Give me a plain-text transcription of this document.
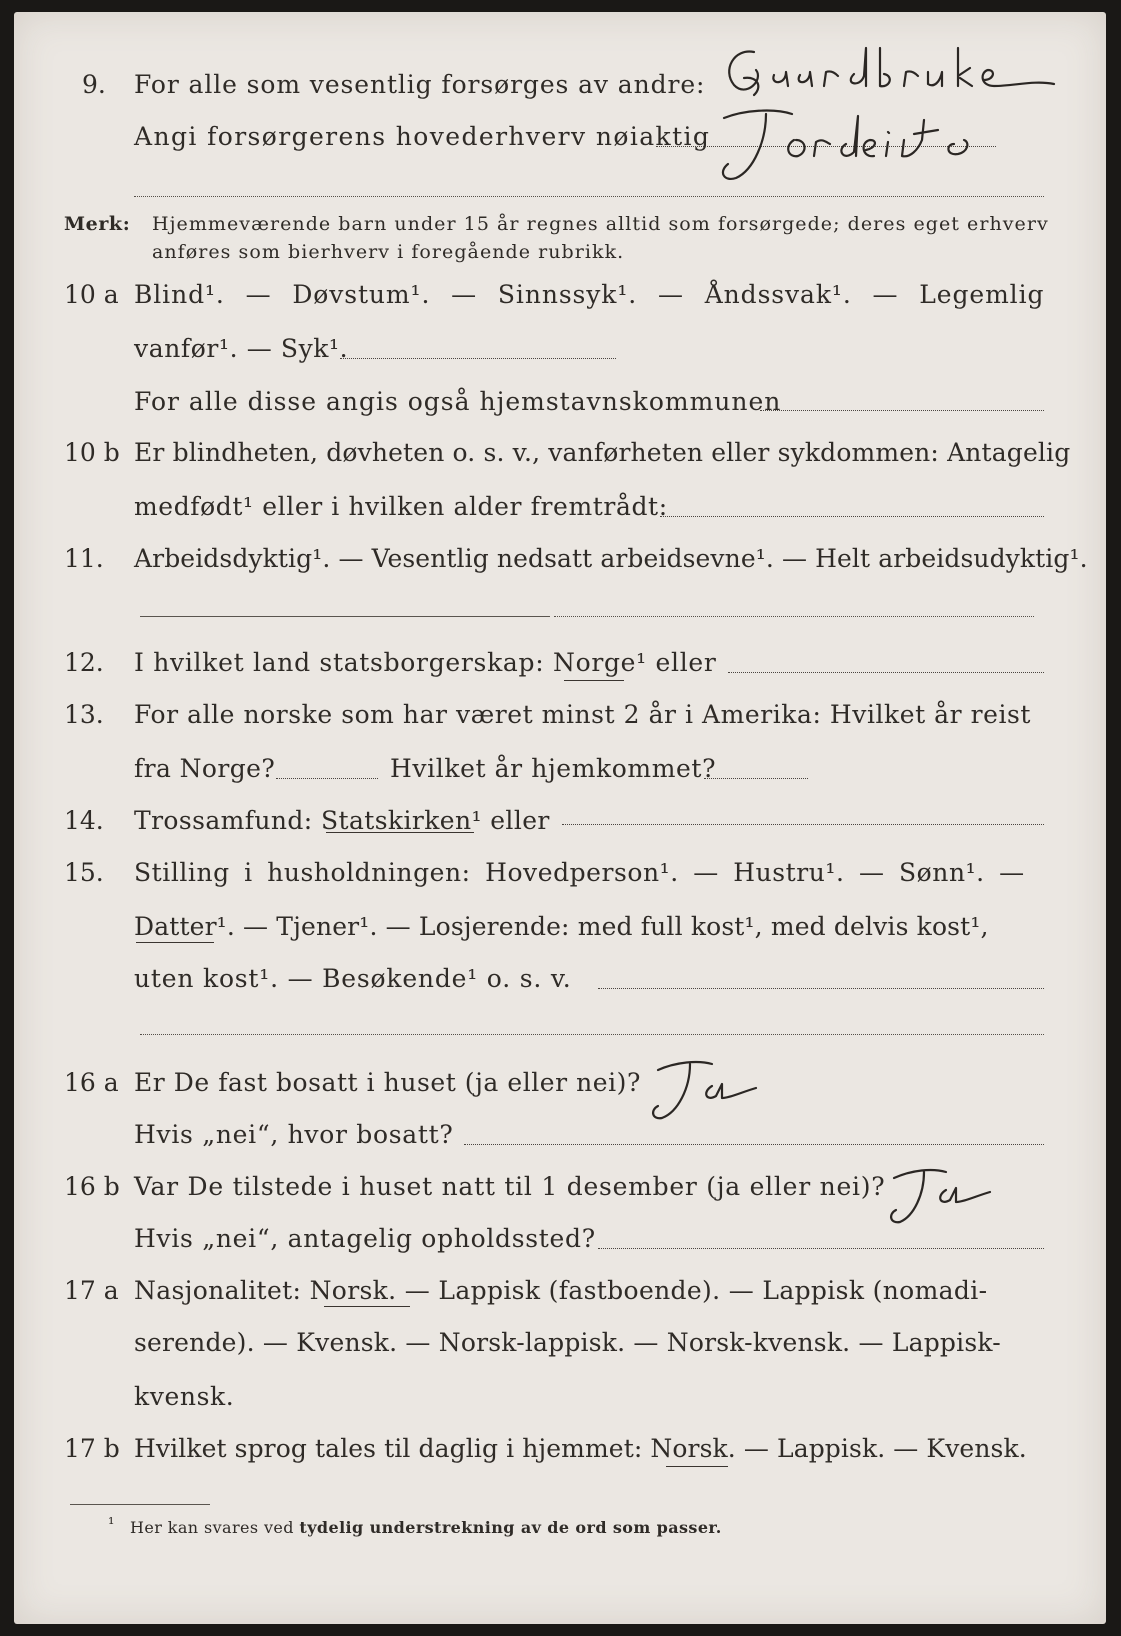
9. For alle som vesentlig forsørges av andre:
Angi forsørgerens hovederhverv nøiaktig
Merk: Hjemmeværende barn under 15 år regnes alltid som forsørgede; deres eget erhverv
anføres som bierhverv i foregående rubrikk.
10 a Blind¹. — Døvstum¹. — Sinnssyk¹. — Åndssvak¹. — Legemlig
vanfør¹. — Syk¹.
For alle disse angis også hjemstavnskommunen
10 b Er blindheten, døvheten o. s. v., vanførheten eller sykdommen: Antagelig
medfødt¹ eller i hvilken alder fremtrådt:
11. Arbeidsdyktig¹. — Vesentlig nedsatt arbeidsevne¹. — Helt arbeidsudyktig¹.
12. I hvilket land statsborgerskap: Norge¹ eller
13. For alle norske som har været minst 2 år i Amerika: Hvilket år reist
fra Norge?	Hvilket år hjemkommet?
14. Trossamfund: Statskirken¹ eller
15. Stilling i husholdningen: Hovedperson¹. — Hustru¹. — Sønn¹. —
Datter¹. — Tjener¹. — Losjerende: med full kost¹, med delvis kost¹,
uten kost¹. — Besøkende¹ o. s. v.
16 a Er De fast bosatt i huset (ja eller nei)?
Hvis „nei“, hvor bosatt?
16 b Var De tilstede i huset natt til 1 desember (ja eller nei)?
Hvis „nei“, antagelig opholdssted?
17 a Nasjonalitet: Norsk. — Lappisk (fastboende). — Lappisk (nomadi-
serende). — Kvensk. — Norsk-lappisk. — Norsk-kvensk. — Lappisk-
kvensk.
17 b Hvilket sprog tales til daglig i hjemmet: Norsk. — Lappisk. — Kvensk.
¹ Her kan svares ved tydelig understrekning av de ord som passer.
